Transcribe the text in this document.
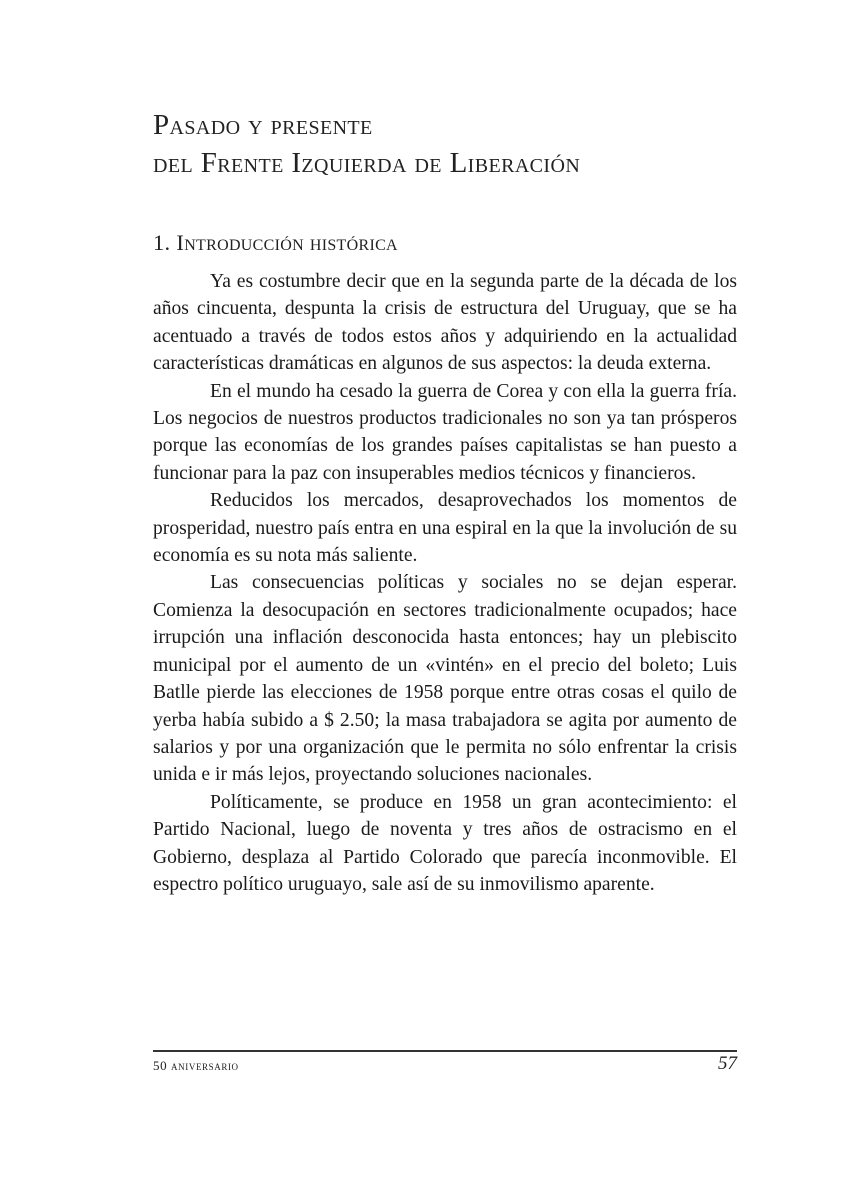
Pasado y presente
del Frente Izquierda de Liberación
1. Introducción histórica

Ya es costumbre decir que en la segunda parte de la década de los años cincuenta, despunta la crisis de estructura del Uruguay, que se ha acentuado a través de todos estos años y adquiriendo en la actualidad características dramáticas en algunos de sus aspectos: la deuda externa.

En el mundo ha cesado la guerra de Corea y con ella la guerra fría. Los negocios de nuestros productos tradicionales no son ya tan prósperos porque las economías de los grandes países capitalistas se han puesto a funcionar para la paz con insuperables medios técnicos y financieros.

Reducidos los mercados, desaprovechados los momentos de prosperidad, nuestro país entra en una espiral en la que la involución de su economía es su nota más saliente.

Las consecuencias políticas y sociales no se dejan esperar. Comienza la desocupación en sectores tradicionalmente ocupados; hace irrupción una inflación desconocida hasta entonces; hay un plebiscito municipal por el aumento de un «vintén» en el precio del boleto; Luis Batlle pierde las elecciones de 1958 porque entre otras cosas el quilo de yerba había subido a $ 2.50; la masa trabajadora se agita por aumento de salarios y por una organización que le permita no sólo enfrentar la crisis unida e ir más lejos, proyectando soluciones nacionales.

Políticamente, se produce en 1958 un gran acontecimiento: el Partido Nacional, luego de noventa y tres años de ostracismo en el Gobierno, desplaza al Partido Colorado que parecía inconmovible. El espectro político uruguayo, sale así de su inmovilismo aparente.

50 aniversario	57
